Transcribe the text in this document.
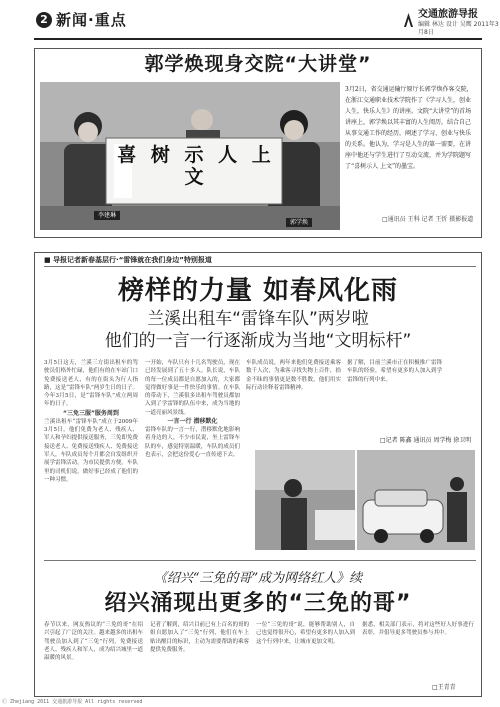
2 新闻·重点	交通旅游导报
编辑 林达 设计 吴鹰 2011年3月8日
郭学焕现身交院“大讲堂”
喜 树 示 人 上 文
李建琳
郭学焕
3月2日，省交通运输厅原厅长郭学焕作客交院，在浙江交通职业技术学院作了《学习人生，创业人生，快乐人生》的讲座。文院“大讲堂”的首场讲座上，郭学焕以其丰富的人生阅历，结合自己从事交通工作的经历，阐述了学习、创业与快乐的关系。他认为，学习是人生的第一需要，在讲座中他还与学生进行了互动交流，并为学院题写了“喜树示人 上文”的墨宝。
□通讯员 王科 记者 王忻 摄影报道
■ 导报记者新春基层行·“雷锋就在我们身边”特别报道
榜样的力量 如春风化雨
兰溪出租车“雷锋车队”两岁啦
他们的一言一行逐渐成为当地“文明标杆”
3月5日这天，兰溪三方街出租车的驾驶员们格外忙碌，他们有的在车站门口免费接送老人，有的在街头为行人指路，这是“雷锋车队”两岁生日的日子。今年3月5日，是“雷锋车队”成立两周年的日子。
“三免三服”服务周到
兰溪出租车“雷锋车队”成立于2009年3月5日，他们免费为老人、残疾人、军人和孕妇提供接送服务，三免即免费接送老人、免费接送残疾人、免费接送军人，车队成员每个月都会自发组织开展学雷锋活动，为市民提供方便。车队里的司机们说，做好事已经成了他们的一种习惯。
一开始，车队只有十几名驾驶员，现在已经发展到了五十多人。队长说，车队的每一位成员都是自愿加入的，大家都觉得做好事是一件快乐的事情。在车队的带动下，兰溪很多出租车驾驶员都加入到了学雷锋的队伍中来，成为当地的一道亮丽风景线。
一言一行 潜移默化
雷锋车队的一言一行，潜移默化地影响着身边的人，不少市民说，坐上雷锋车队的车，感觉特别温暖，车队的成员们也表示，会把这份爱心一直传递下去。
车队成员说，两年来他们免费接送乘客数千人次，为乘客寻找失物上百件，拾金不昧的事情更是数不胜数，他们用实际行动诠释着雷锋精神。
据了解，目前兰溪市正在积极推广雷锋车队的经验，希望有更多的人加入到学雷锋的行列中来。
□记者 陈鑫 通讯员 周学梅 徐卫明
《绍兴“三免的哥”成为网络红人》续
绍兴涌现出更多的“三免的哥”
春节以来，网友热议的“三免的哥”在绍兴引起了广泛的关注。越来越多的出租车驾驶员加入到了“三免”行列，免费接送老人、残疾人和军人，成为绍兴城里一道温暖的风景。
记者了解到，绍兴目前已有上百名的哥的姐自愿加入了“三免”行列，他们在车上贴出醒目的标识，主动为需要帮助的乘客提供免费服务。
一位“三免的哥”说，能够帮助别人，自己也觉得很开心，希望有更多的人加入到这个行列中来，让城市更加文明。
据悉，相关部门表示，将对这些好人好事进行表彰，并倡导更多驾驶员参与其中。
□王青青
Ⓒ Zhejiang 2011 交通旅游导报 All rights reserved
